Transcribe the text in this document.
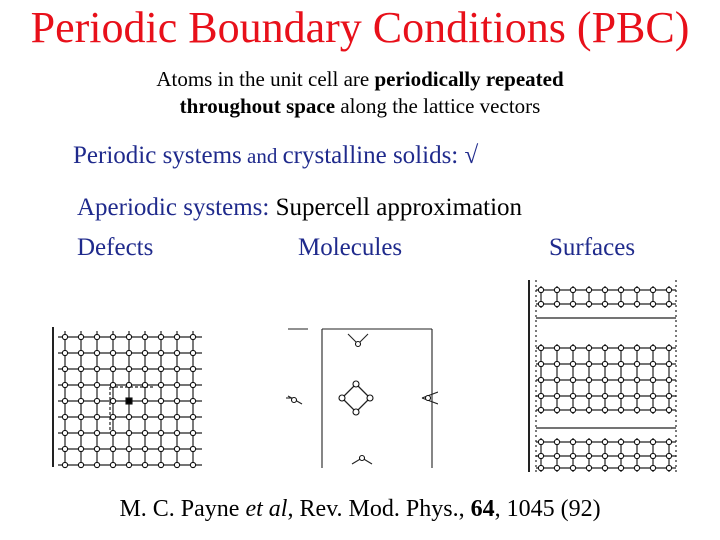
Periodic Boundary Conditions (PBC)
Atoms in the unit cell are periodically repeated
throughout space along the lattice vectors
Periodic systems and crystalline solids: √
Aperiodic systems: Supercell approximation
Defects	Molecules	Surfaces
M. C. Payne et al, Rev. Mod. Phys., 64, 1045 (92)
